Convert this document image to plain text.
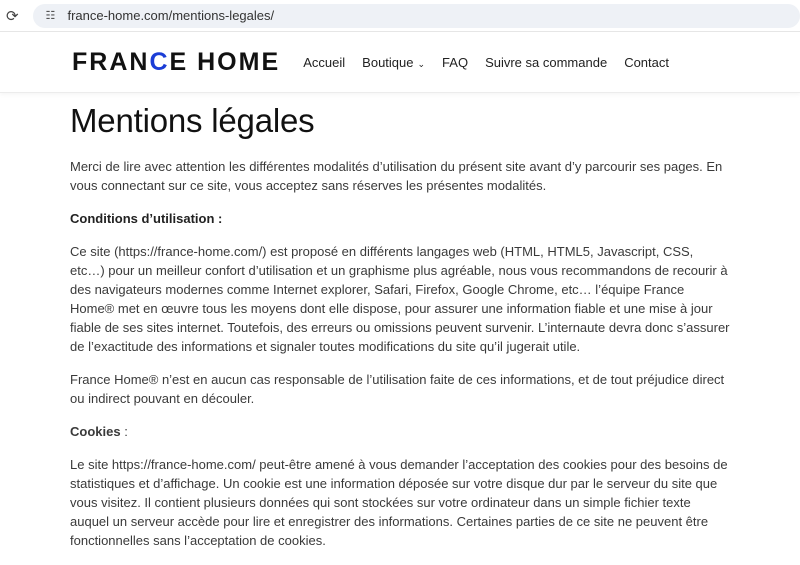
⟳	☷ france-home.com/mentions-legales/
FRANCE HOME Accueil Boutique ⌄ FAQ Suivre sa commande Contact
Mentions légales

Merci de lire avec attention les différentes modalités d’utilisation du présent site avant d’y parcourir ses pages. En vous connectant sur ce site, vous acceptez sans réserves les présentes modalités.

Conditions d’utilisation :

Ce site (https://france-home.com/) est proposé en différents langages web (HTML, HTML5, Javascript, CSS, etc…) pour un meilleur confort d’utilisation et un graphisme plus agréable, nous vous recommandons de recourir à des navigateurs modernes comme Internet explorer, Safari, Firefox, Google Chrome, etc… l’équipe France Home® met en œuvre tous les moyens dont elle dispose, pour assurer une information fiable et une mise à jour fiable de ses sites internet. Toutefois, des erreurs ou omissions peuvent survenir. L’internaute devra donc s’assurer de l’exactitude des informations et signaler toutes modifications du site qu’il jugerait utile.

France Home® n’est en aucun cas responsable de l’utilisation faite de ces informations, et de tout préjudice direct ou indirect pouvant en découler.

Cookies :

Le site https://france-home.com/ peut-être amené à vous demander l’acceptation des cookies pour des besoins de statistiques et d’affichage. Un cookie est une information déposée sur votre disque dur par le serveur du site que vous visitez. Il contient plusieurs données qui sont stockées sur votre ordinateur dans un simple fichier texte auquel un serveur accède pour lire et enregistrer des informations. Certaines parties de ce site ne peuvent être fonctionnelles sans l’acceptation de cookies.
